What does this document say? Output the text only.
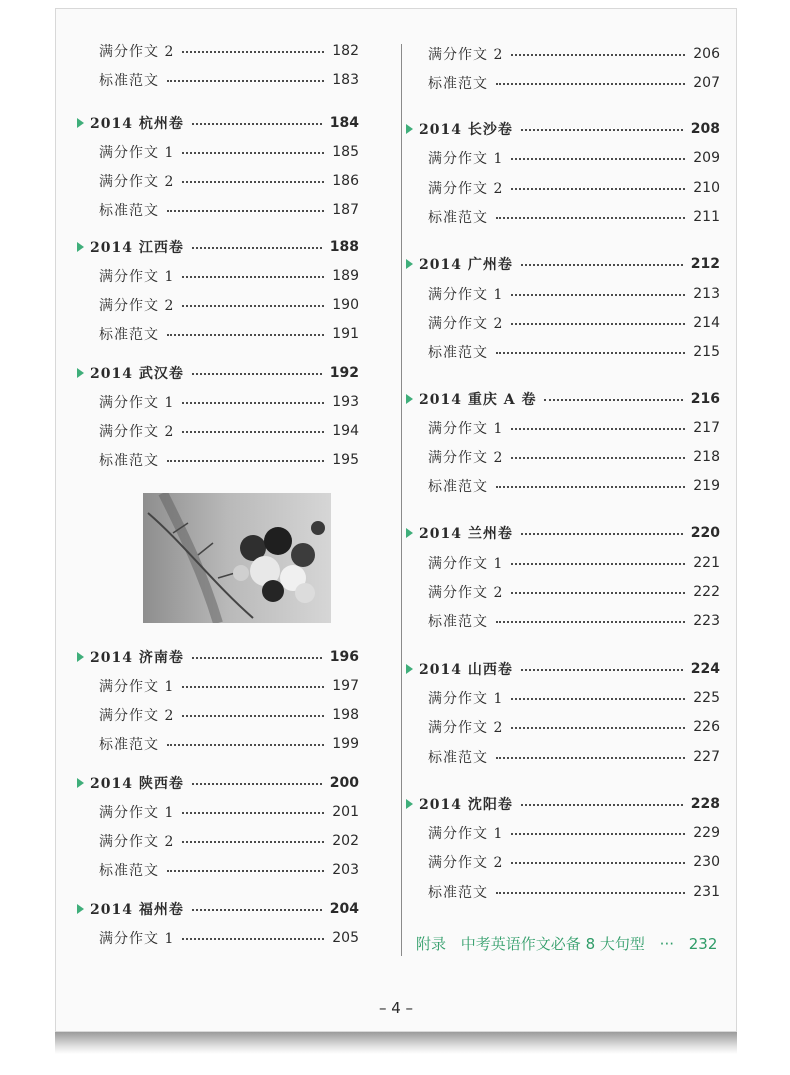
满分作文 2	182
标准范文	183
2014 杭州卷	184
满分作文 1	185
满分作文 2	186
标准范文	187
2014 江西卷	188
满分作文 1	189
满分作文 2	190
标准范文	191
2014 武汉卷	192
满分作文 1	193
满分作文 2	194
标准范文	195
2014 济南卷	196
满分作文 1	197
满分作文 2	198
标准范文	199
2014 陕西卷	200
满分作文 1	201
满分作文 2	202
标准范文	203
2014 福州卷	204
满分作文 1	205
满分作文 2	206
标准范文	207
2014 长沙卷	208
满分作文 1	209
满分作文 2	210
标准范文	211
2014 广州卷	212
满分作文 1	213
满分作文 2	214
标准范文	215
2014 重庆 A 卷	216
满分作文 1	217
满分作文 2	218
标准范文	219
2014 兰州卷	220
满分作文 1	221
满分作文 2	222
标准范文	223
2014 山西卷	224
满分作文 1	225
满分作文 2	226
标准范文	227
2014 沈阳卷	228
满分作文 1	229
满分作文 2	230
标准范文	231
附录 中考英语作文必备 8 大句型 ··· 232
– 4 –
